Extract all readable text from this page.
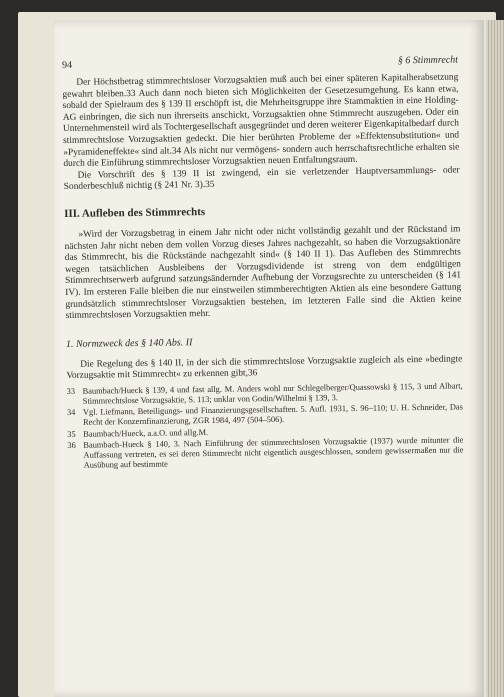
94	§ 6 Stimmrecht

Der Höchstbetrag stimmrechtsloser Vorzugsaktien muß auch bei einer späteren Kapitalherabsetzung gewahrt bleiben.33 Auch dann noch bieten sich Möglichkeiten der Gesetzesumgehung. Es kann etwa, sobald der Spielraum des § 139 II erschöpft ist, die Mehrheitsgruppe ihre Stammaktien in eine Holding-AG einbringen, die sich nun ihrerseits anschickt, Vorzugsaktien ohne Stimmrecht auszugeben. Oder ein Unternehmensteil wird als Tochtergesellschaft ausgegründet und deren weiterer Eigenkapitalbedarf durch stimmrechtslose Vorzugsaktien gedeckt. Die hier berührten Probleme der »Effektensubstitution« und »Pyramideneffekte« sind alt.34 Als nicht nur vermögens- sondern auch herrschaftsrechtliche erhalten sie durch die Einführung stimmrechtsloser Vorzugsaktien neuen Entfaltungsraum.

Die Vorschrift des § 139 II ist zwingend, ein sie verletzender Hauptversammlungs- oder Sonderbeschluß nichtig (§ 241 Nr. 3).35

III. Aufleben des Stimmrechts

»Wird der Vorzugsbetrag in einem Jahr nicht oder nicht vollständig gezahlt und der Rückstand im nächsten Jahr nicht neben dem vollen Vorzug dieses Jahres nachgezahlt, so haben die Vorzugsaktionäre das Stimmrecht, bis die Rückstände nachgezahlt sind« (§ 140 II 1). Das Aufleben des Stimmrechts wegen tatsächlichen Ausbleibens der Vorzugsdividende ist streng von dem endgültigen Stimmrechtserwerb aufgrund satzungsändernder Aufhebung der Vorzugsrechte zu unterscheiden (§ 141 IV). Im ersteren Falle bleiben die nur einstweilen stimmberechtigten Aktien als eine besondere Gattung grundsätzlich stimmrechtsloser Vorzugsaktien bestehen, im letzteren Falle sind die Aktien keine stimmrechtslosen Vorzugsaktien mehr.

1. Normzweck des § 140 Abs. II

Die Regelung des § 140 II, in der sich die stimmrechtslose Vorzugsaktie zugleich als eine »bedingte Vorzugsaktie mit Stimmrecht« zu erkennen gibt,36

33 Baumbach/Hueck § 139, 4 und fast allg. M. Anders wohl nur Schlegelberger/Quassowski § 115, 3 und Albart, Stimmrechtslose Vorzugsaktie, S. 113; unklar von Godin/Wilhelmi § 139, 3.
34 Vgl. Liefmann, Beteiligungs- und Finanzierungsgesellschaften. 5. Aufl. 1931, S. 96–110; U. H. Schneider, Das Recht der Konzernfinanzierung, ZGR 1984, 497 (504–506).
35 Baumbach/Hueck, a.a.O. und allg.M.
36 Baumbach-Hueck § 140, 3. Nach Einführung der stimmrechtslosen Vorzugsaktie (1937) wurde mitunter die Auffassung vertreten, es sei deren Stimmrecht nicht eigentlich ausgeschlossen, sondern gewissermaßen nur die Ausübung auf bestimmte
